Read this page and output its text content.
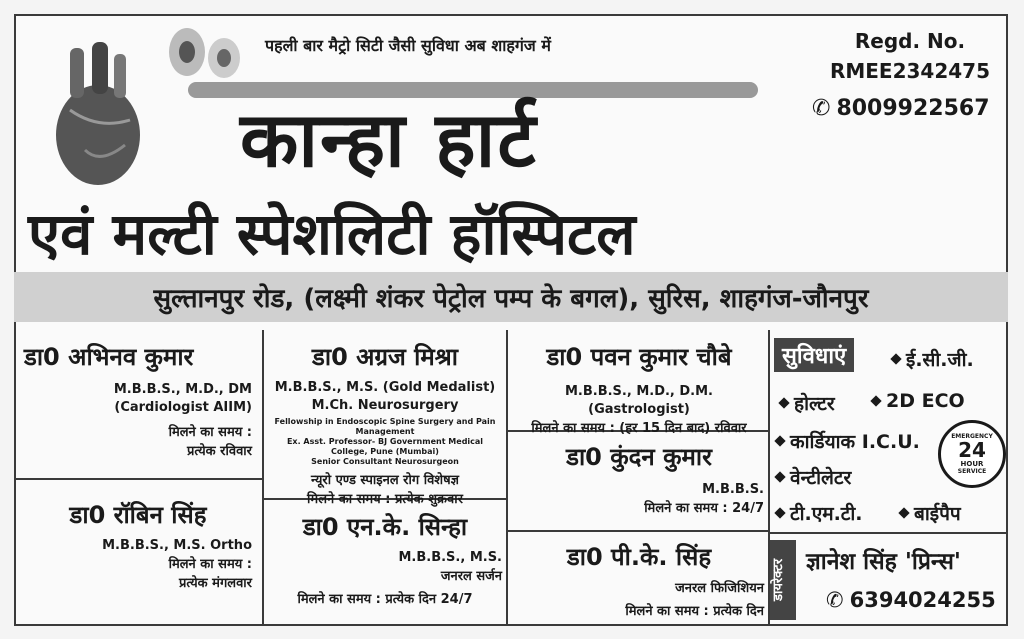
पहली बार मैट्रो सिटी जैसी सुविधा अब शाहगंज में	Regd. No.
RMEE2342475
✆ 8009922567
कान्हा हार्ट
एवं मल्टी स्पेशलिटी हॉस्पिटल
सुल्तानपुर रोड, (लक्ष्मी शंकर पेट्रोल पम्प के बगल), सुरिस, शाहगंज-जौनपुर
डा0 अभिनव कुमार
M.B.B.S., M.D., DM
(Cardiologist AIIM)
मिलने का समय :
प्रत्येक रविवार
डा0 रॉबिन सिंह
M.B.B.S., M.S. Ortho
मिलने का समय :
प्रत्येक मंगलवार
डा0 अग्रज मिश्रा
M.B.B.S., M.S. (Gold Medalist)
M.Ch. Neurosurgery
Fellowship in Endoscopic Spine Surgery and Pain Management
Ex. Asst. Professor- BJ Government Medical College, Pune (Mumbai)
Senior Consultant Neurosurgeon
न्यूरो एण्ड स्पाइनल रोग विशेषज्ञ
मिलने का समय : प्रत्येक शुक्रवार
डा0 एन.के. सिन्हा
M.B.B.S., M.S.
जनरल सर्जन
मिलने का समय : प्रत्येक दिन 24/7
डा0 पवन कुमार चौबे
M.B.B.S., M.D., D.M. (Gastrologist)
मिलने का समय : (हर 15 दिन बाद) रविवार
डा0 कुंदन कुमार
M.B.B.S.
मिलने का समय : 24/7
डा0 पी.के. सिंह
जनरल फिजिशियन
मिलने का समय : प्रत्येक दिन
सुविधाएं	ई.सी.जी.
होल्टर	2D ECO
कार्डियाक I.C.U.
वेन्टीलेटर
टी.एम.टी.	बाईपैप
EMERGENCY
24
HOUR
SERVICE
डायरेक्टर ज्ञानेश सिंह 'प्रिन्स'
✆ 6394024255
